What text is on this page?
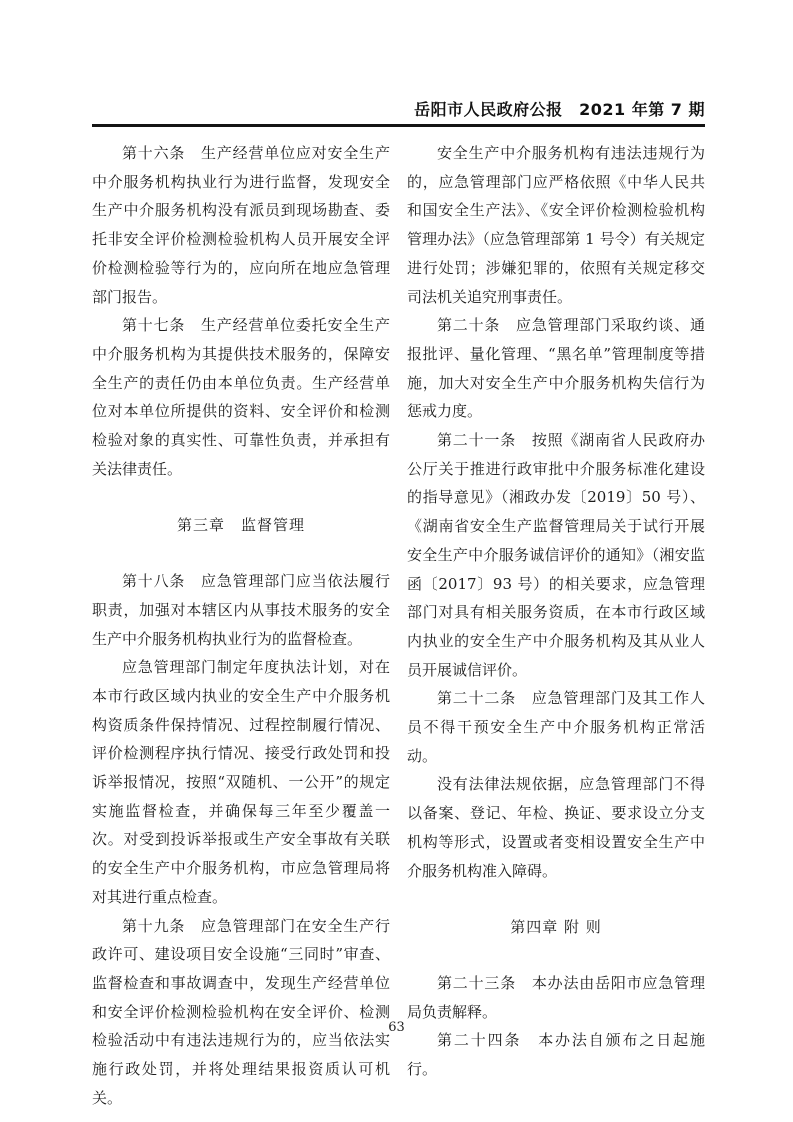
岳阳市人民政府公报　2021 年第 7 期

第十六条　生产经营单位应对安全生产中介服务机构执业行为进行监督，发现安全生产中介服务机构没有派员到现场勘查、委托非安全评价检测检验机构人员开展安全评价检测检验等行为的，应向所在地应急管理部门报告。

第十七条　生产经营单位委托安全生产中介服务机构为其提供技术服务的，保障安全生产的责任仍由本单位负责。生产经营单位对本单位所提供的资料、安全评价和检测检验对象的真实性、可靠性负责，并承担有关法律责任。

第三章　监督管理

第十八条　应急管理部门应当依法履行职责，加强对本辖区内从事技术服务的安全生产中介服务机构执业行为的监督检查。

应急管理部门制定年度执法计划，对在本市行政区域内执业的安全生产中介服务机构资质条件保持情况、过程控制履行情况、评价检测程序执行情况、接受行政处罚和投诉举报情况，按照“双随机、一公开”的规定实施监督检查，并确保每三年至少覆盖一次。对受到投诉举报或生产安全事故有关联的安全生产中介服务机构，市应急管理局将对其进行重点检查。

第十九条　应急管理部门在安全生产行政许可、建设项目安全设施“三同时”审查、监督检查和事故调查中，发现生产经营单位和安全评价检测检验机构在安全评价、检测检验活动中有违法违规行为的，应当依法实施行政处罚，并将处理结果报资质认可机关。

安全生产中介服务机构有违法违规行为的，应急管理部门应严格依照《中华人民共和国安全生产法》、《安全评价检测检验机构管理办法》（应急管理部第 1 号令）有关规定进行处罚；涉嫌犯罪的，依照有关规定移交司法机关追究刑事责任。

第二十条　应急管理部门采取约谈、通报批评、量化管理、“黑名单”管理制度等措施，加大对安全生产中介服务机构失信行为惩戒力度。

第二十一条　按照《湖南省人民政府办公厅关于推进行政审批中介服务标准化建设的指导意见》（湘政办发〔2019〕50 号）、《湖南省安全生产监督管理局关于试行开展安全生产中介服务诚信评价的通知》（湘安监函〔2017〕93 号）的相关要求，应急管理部门对具有相关服务资质，在本市行政区域内执业的安全生产中介服务机构及其从业人员开展诚信评价。

第二十二条　应急管理部门及其工作人员不得干预安全生产中介服务机构正常活动。

没有法律法规依据，应急管理部门不得以备案、登记、年检、换证、要求设立分支机构等形式，设置或者变相设置安全生产中介服务机构准入障碍。

第四章 附 则

第二十三条　本办法由岳阳市应急管理局负责解释。

第二十四条　本办法自颁布之日起施行。

63
